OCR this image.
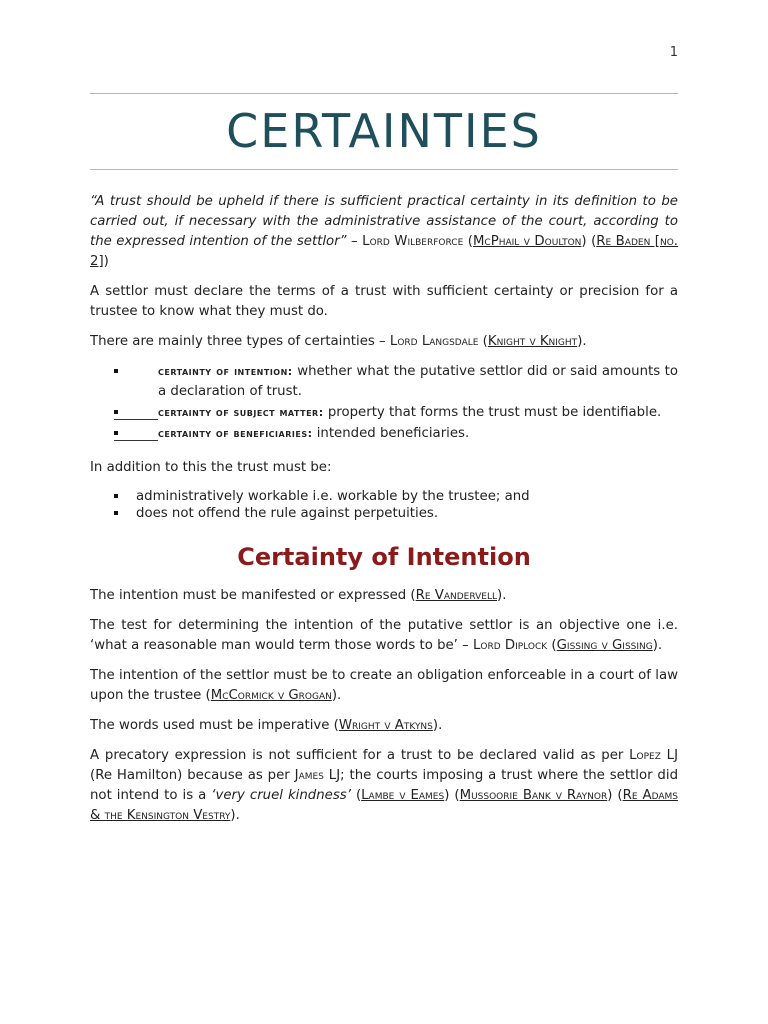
1
CERTAINTIES

“A trust should be upheld if there is sufficient practical certainty in its definition to be carried out, if necessary with the administrative assistance of the court, according to the expressed intention of the settlor” – Lord Wilberforce (McPhail v Doulton) (Re Baden [no. 2])

A settlor must declare the terms of a trust with sufficient certainty or precision for a trustee to know what they must do.

There are mainly three types of certainties – Lord Langsdale (Knight v Knight).

certainty of intention: whether what the putative settlor did or said amounts to a declaration of trust.
certainty of subject matter: property that forms the trust must be identifiable.
certainty of beneficiaries: intended beneficiaries.

In addition to this the trust must be:

administratively workable i.e. workable by the trustee; and
does not offend the rule against perpetuities.
Certainty of Intention

The intention must be manifested or expressed (Re Vandervell).

The test for determining the intention of the putative settlor is an objective one i.e. ‘what a reasonable man would term those words to be’ – Lord Diplock (Gissing v Gissing).

The intention of the settlor must be to create an obligation enforceable in a court of law upon the trustee (McCormick v Grogan).

The words used must be imperative (Wright v Atkyns).

A precatory expression is not sufficient for a trust to be declared valid as per Lopez LJ (Re Hamilton) because as per James LJ; the courts imposing a trust where the settlor did not intend to is a ‘very cruel kindness’ (Lambe v Eames) (Mussoorie Bank v Raynor) (Re Adams & the Kensington Vestry).
